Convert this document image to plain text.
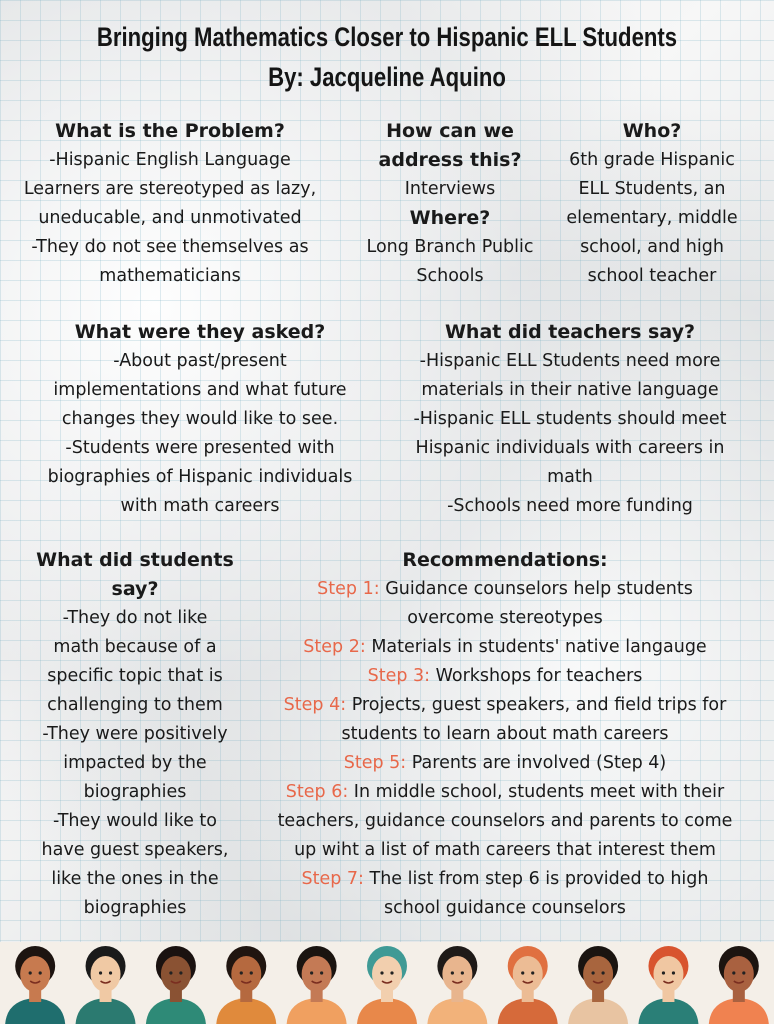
Bringing Mathematics Closer to Hispanic ELL Students
By: Jacqueline Aquino
What is the Problem?
-Hispanic English Language
Learners are stereotyped as lazy,
uneducable, and unmotivated
-They do not see themselves as
mathematicians
How can we
address this?
Interviews
Where?
Long Branch Public
Schools
Who?
6th grade Hispanic
ELL Students, an
elementary, middle
school, and high
school teacher
What were they asked?
-About past/present
implementations and what future
changes they would like to see.
-Students were presented with
biographies of Hispanic individuals
with math careers
What did teachers say?
-Hispanic ELL Students need more
materials in their native language
-Hispanic ELL students should meet
Hispanic individuals with careers in
math
-Schools need more funding
What did students
say?
-They do not like
math because of a
specific topic that is
challenging to them
-They were positively
impacted by the
biographies
-They would like to
have guest speakers,
like the ones in the
biographies
Recommendations:
Step 1: Guidance counselors help students
overcome stereotypes
Step 2: Materials in students' native langauge
Step 3: Workshops for teachers
Step 4: Projects, guest speakers, and field trips for
students to learn about math careers
Step 5: Parents are involved (Step 4)
Step 6: In middle school, students meet with their
teachers, guidance counselors and parents to come
up wiht a list of math careers that interest them
Step 7: The list from step 6 is provided to high
school guidance counselors
